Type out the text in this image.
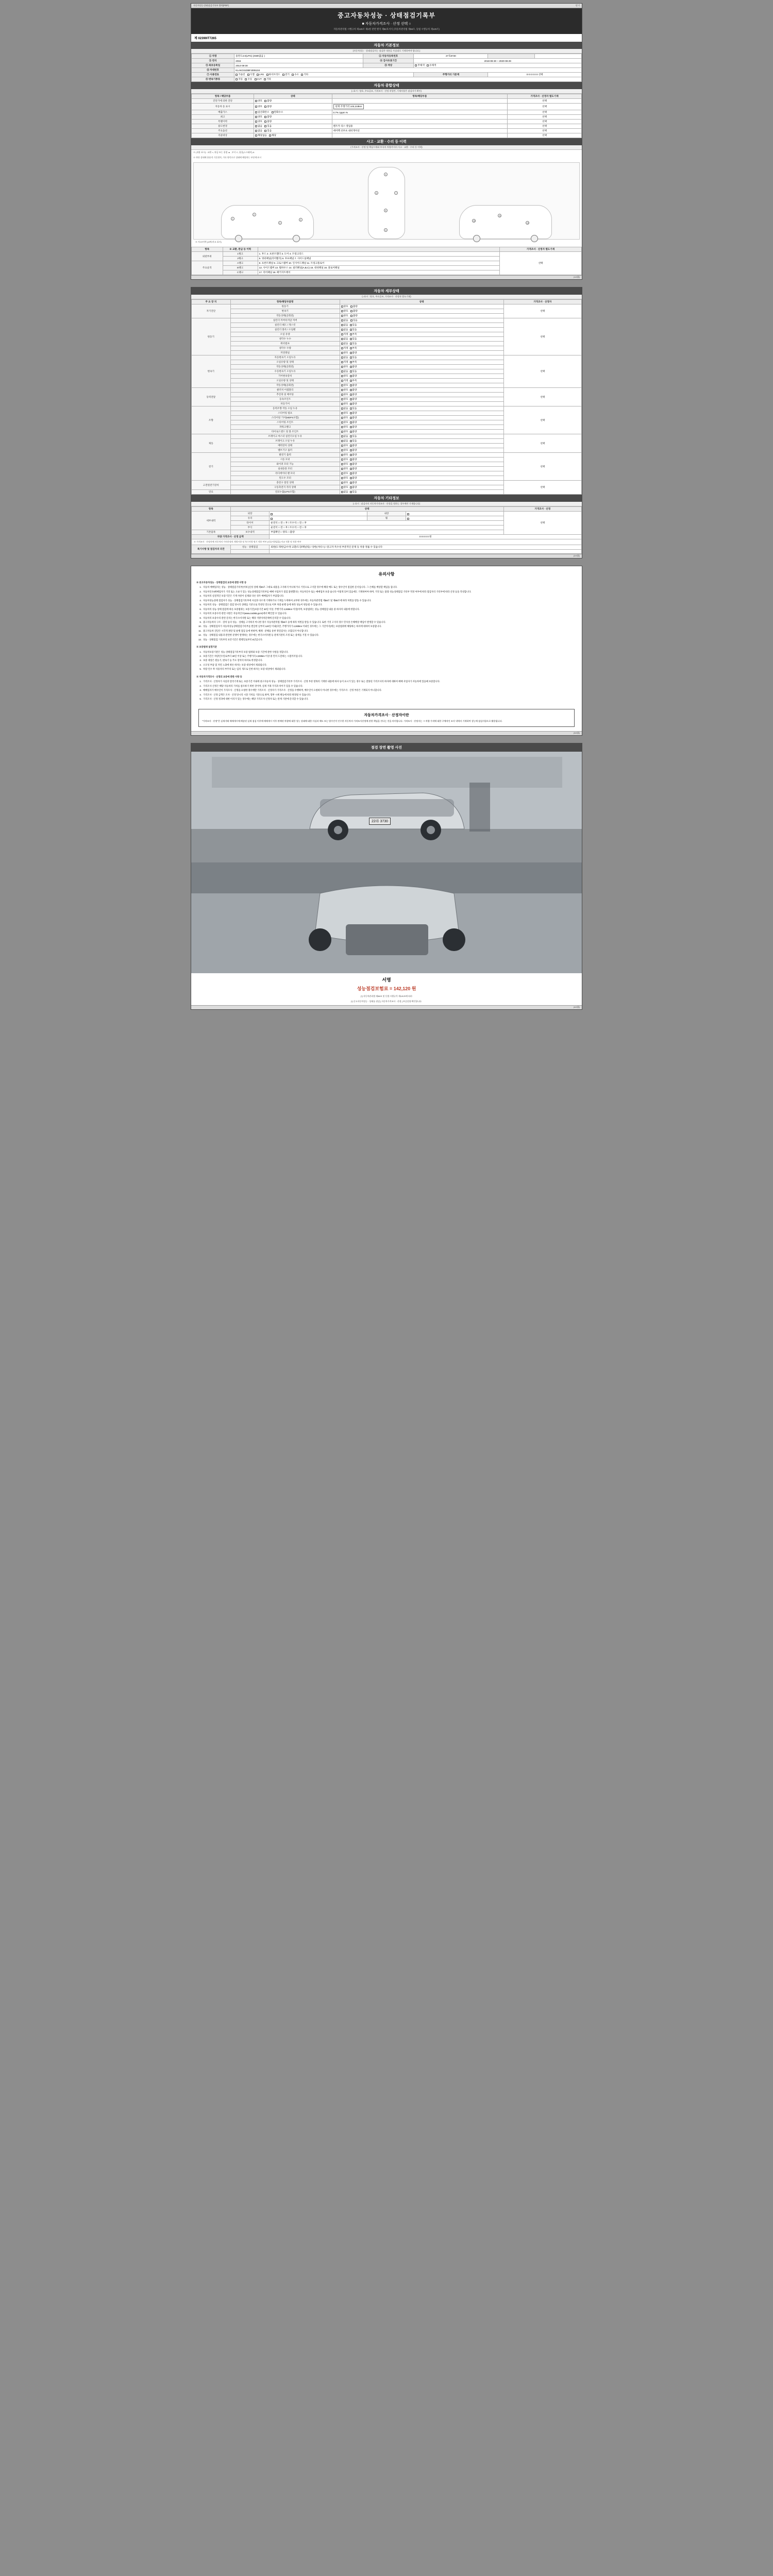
자동차성능상태점검기록부 출력(PDF)	닫기
중고자동차성능 · 상태점검기록부
■ 자동차가격조사 · 산정 선택 ○
자동차관리법 시행규칙 제120조 제1항 관련 별지 제82호서식 (자동차관리법 제58조, 동법 시행규칙 제120조)
제 02390IT7265
자동차 기본정보
(자동차성능 · 상태점검자는 점검한 내용을 사실대로 기재하여야 합니다.)
① 차명	올란도2.0(LPG) (4WD없음 )	② 자동차등록번호	27호8730		
③ 연식	2015	④ 검사유효기간	2018-08-30 ~ 2020-08-29		
⑤ 최초등록일	2014-08-30	⑧ 색상	무채색 유채색		
⑥ 차대번호	KLAKC61DBFJ006104				
⑦ 사용연료	가솔린 디젤 LPG 하이브리드 전기 수소 기타		주행거리 기준계	0 0 0 0 0 0 선택	
⑧ 변속기종류	자동 수동 CVT 기타				
자동차 종합상태
(○표시 : 양호, 주요골조, 가격조사 · 산정 작성란, 기재사항은 점검자가 확인)
항목 / 해당부품	상태	항목/해당부품	가격조사 · 산정자 별도기재
진단기에 의한 진단	양호 불량		선택
자동차 등 표시	양호 불량	현재 주행거리 103,219km	선택
배출가스	일산화탄소 탄화수소	0.7% 1ppm %	선택
최고	양호 불량		선택
특별이력	양호 불량		선택
용도변경	없음 있음	렌트카 리스 영업용	선택
주요옵션	없음 있음	에어백 선루프 내비게이션	선택
리콜대상	해당없음 해당		선택
사고 · 교환 · 수리 등 이력
(가격조사 · 산정 및 책임시세와 부식의 차량까지의 사고 · 교환 · 수리 등 이력)
※ (내용 표시) : 교환 ×, 판금 또는 용접 ▲ , 부식 C, 흠집(스크래치) A
※ 하단 상태에 용품적 기준위치, 기타 항목으로 상태에 해당하는 부분에 표시
1
2
3
4
5
6	7
8
9
10
11
12
※ 사고/이력 (교차/사고 표시)
항목	※ 교환, 판금 등 이력		가격조사 · 산정자 별도기재
외판부위	1랭크	1. 후드 2. 프론트휀더 3. 도어 4. 트렁크리드	선택
	2랭크	5. 쿼터패널(리어휀더) 6. 루프패널 7. 사이드실패널	
주요골격	A랭크	8. 프론트패널 9. 크로스멤버 10. 인사이드패널 11. 트렁크플로어	
	B랭크	12. 사이드멤버 13. 휠하우스 14. 필러패널(A,B,C) 15. 대쉬패널 16. 플로어패널	
	C랭크	17. 리어패널 18. 패키지트레이	
(1/4面)
자동차 세부상태
(○표시 : 양호, 주요골조, 가격조사 · 산정자 별도기재)
주 요 장 치	항목/해당부품명	상태	가격조사 · 산정자
자기진단	원동기	양호 불량	선택
	변속기	양호 불량	
	작동상태(공회전)	양호 불량	
원동기	실린더 커버록커암 커버	없음 있음	선택
	실린더 헤드 / 개스킷	없음 있음	
	실린더 블록 / 오일팬	없음 있음	
	오일 유량	적정 부족	
	냉각수 누수	없음 있음	
	워터펌프	없음 있음	
	냉각수 수량	적정 부족	
	커먼레일	양호 불량	
변속기	자동변속기 오일누유	없음 있음	선택
	오일유량 및 상태	적정 부족	
	작동상태(공회전)	양호 불량	
	수동변속기 오일누유	없음 있음	
	기어변속장치	양호 불량	
	오일유량 및 상태	적정 부족	
	작동상태(공회전)	양호 불량	
동력전달	클러치 어셈블리	양호 불량	선택
	추진축 및 베어링	양호 불량	
	등속조인트	양호 불량	
	차동기어	양호 불량	
조향	동력조향 작동 오일 누유	없음 있음	선택
	스티어링 펌프	양호 불량	
	스티어링 기어(MDPS포함)	양호 불량	
	스티어링 조인트	양호 불량	
	파워크랭크	양호 불량	
	타이로드엔드 및 볼 조인트	양호 불량	
제동	브레이크 마스터 실린더오일 누유	없음 있음	선택
	브레이크 오일 누유	없음 있음	
	배력장치 상태	양호 불량	
	밸브기구 롤러	양호 불량	
전기	발전기 출력	양호 불량	선택
	시동 모터	양호 불량	
	와이퍼 모터 기능	양호 불량	
	실내송풍 모터	양호 불량	
	라디에이터 팬 모터	양호 불량	
	윈도우 모터	양호 불량	
고전원전기장치	충전구 절연 상태	양호 불량	선택
	구동축전지 격리 상태	양호 불량	
연료	연료누출(LPG포함)	없음 있음	
자동차 기타정보
(○표시 : 점검자의 자동차가격조사 · 산정을 원하는 경우에만 기재합니다)
항목	상태				가격조사 · 산정
세부내역	외장		내장		선택
	유리		휠		
	타이어	운전석 □ 전 □ 후 / 조수석 □ 전 □ 후			
	부식	운전석 □ 전 □ 후 / 조수석 □ 전 □ 후			
기본품목	보수내역	부품확인 □ 양호 □ 불량			
차량 가격조사 · 산정 금액		0 0 0 0 0 원			
※ 가격조사 · 산정자에 자동차의 가치산정의 개별사항 및 특수사항 명기 적용 여부 (다를사항없음) 비교 적용 및 적용 여부					
특기사항 및 점검자의 의견	성능 · 상태점검	외판(도색/판금/수정 교환/도장/패널링) / 상한(서비스) / 중고자 특수성 부분적인 문제 등 차종 정률 수 있습니다			

(2/4面)
유의사항

※ 중고자동차성능 · 상태점검의 보증에 관한 사항 등

1. 자동차 매매업자는 성능 · 상태점검기록부(이하 [신성 상태 제30조 그대로 내용을 고지하지 아니하거나 거짓으로 고지할 경우에 해당 매도 또는 양수인이 점검한 문서입니다. 그 손해를 배상할 책임을 집니다.
2. 자동차인수(매매업자가 거짓 또는 오류가 있는 성능상태점검기록부를 매매 사업자가 점검 불변했다는 자동차인수 또는 매매업자 보증 습니다 이렇게 되어 있음에도 기재하여야 하며, 거짓 또는 불량 성능상태점검 기록부 적정 여부에 따라 점검자의 기록부에 따라 산정 등을 작성합니다.
3. 자동차의 실질적인 보증기간은 기재 사항이 실제와 다른 경우 매매업자가 부담합니다.
4. 자동차성능상태 점검자가 성능 · 상태점검기록부에 사실과 다르게 기재하거나 기재를 누락하여 교부한 경우에는 자동차관리법 제58조 및 제80조에 따라 처벌을 받을 수 있습니다.
5. 자동차의 성능 · 상태점검은 점검 당시의 상태를 기준으로 작성된 것으로 이후 차량 운행 등에 따라 성능이 변동될 수 있습니다.
6. 자동차의 성능·상태 점검에 따른 보증범위는 보증기간(보증기간 30일 이상, 주행거리 2,000km 이상)이며, 보증범위는 성능·상태점검 내용 중 하자의 내용에 한합니다.
7. 자동차의 보증수리 관련 사항은 자동차인수(www.car365.go.kr)에서 확인할 수 있습니다.
8. 자동차의 보증수리 관련 문의는 한국소비자원 또는 해당 지방자치단체에 문의할 수 있습니다.
9. 중고자동차의 구조 · 장치 등의 성능 · 상태를 고지하지 아니한 경우 자동차관리법 제58조 등에 따라 처벌을 받을 수 있습니다. 또한 거짓 고지의 경우 민사상 손해배상 책임이 발생할 수 있습니다.
10. 성능 · 상태점검자가 자동차성능상태점검기록부를 발급한 날부터 120일 이내(다만, 주행거리가 2,000km 이내인 경우에는 그 기간까지)에는 보증범위에 해당하는 하자에 대하여 보증합니다.
11. 중고자동차 진단은 시각적 판단 및 운행 점검 등에 한하며, 해체 · 분해를 통한 정밀검사는 포함되지 아니합니다.
12. 성능 · 상태점검 내용과 관련한 분쟁이 발생하는 경우에는 한국소비자원 등 관계기관의 조정 또는 중재를 거칠 수 있습니다.
13. 성능 · 상태점검 기록부의 보존기간은 발행일로부터 5년입니다.

※ 보증범위 설정기준

1. 자동차보증기관은 성능·상태점검기록부의 보증 범위와 보증 기간에 관한 사항을 정합니다.
2. 보증기간은 차량인수일로부터 30일 이상 또는 주행거리 2,000km 이상 중 먼저 도달하는 시점까지입니다.
3. 보증 대상은 원동기, 변속기 등 주요 장치의 하자로 한정합니다.
4. 소모성 부품 및 자연 노화에 따른 하자는 보증 대상에서 제외됩니다.
5. 차량 인수 후 사용자의 부주의 또는 임의 개조로 인한 하자는 보증 대상에서 제외됩니다.

※ 자동차가격조사 · 산정의 보증에 관한 사항 등

1. 가격조사 · 산정자가 사실과 달리기게 또는 보증기간 이내에 중고자동차 성능 · 상태점검기록부 가격조사 · 산정 부분 항목의 기재한 내용에 하자 등이 표시가 있는 경우 또는 잘못된 가격조사의 하자에 대하여 매매 사업자가 자동차에 있을때 보증합니다.
2. 가격조사·산정은 해당 자동차의 가치를 참조하기 위한 것이며, 실제 거래 가격과 차이가 있을 수 있습니다.
3. 매매업자가 매수인이 가격조사 · 산정을 요청한 경우에만 가격조사 · 산정자가 가격조사 · 산정을 수행하며, 매수인이 요청하지 아니한 경우에는 가격조사 · 산정 부분은 기재되지 아니합니다.
4. 가격조사 · 산정 금액은 조사 · 산정 당시의 시장 가치를 기준으로 하며, 향후 시세 변동에 따라 변경될 수 있습니다.
5. 가격조사 · 산정 결과에 대한 이의가 있는 경우에는 해당 가격조사·산정자 또는 관계 기관에 문의할 수 있습니다.
자동차가격조사 · 산정자이란

"가격조사 · 산정"은 실제거래 매매개시에 배송된 실제 점검 이후에 매매개시 이후 판매된 차량에 대한 성능 상태에 대한 사실과 매도 또는 양수인이 인수한 자동차의 가격조사산정에 관한 책임을 진다는 것을 의미합니다. 가격조사 · 산정자는 그 차량 가격에 대한 구체적인 조사 내역의 기재하여 성능에 점검사항으로 활용됩니다.

(3/4面)
점검 장면 촬영 사진
22라 3730
서명
성능점검보험료 = 142,120 원
[*] 자동차관리법 제58조 및 동법 시행규칙 제120조에 따라
[*] 중고자동차성능 · 상태를 점검 [ 자동차가격조사 · 산정 ] 보증설명 확인합니다.
(4/4面)
